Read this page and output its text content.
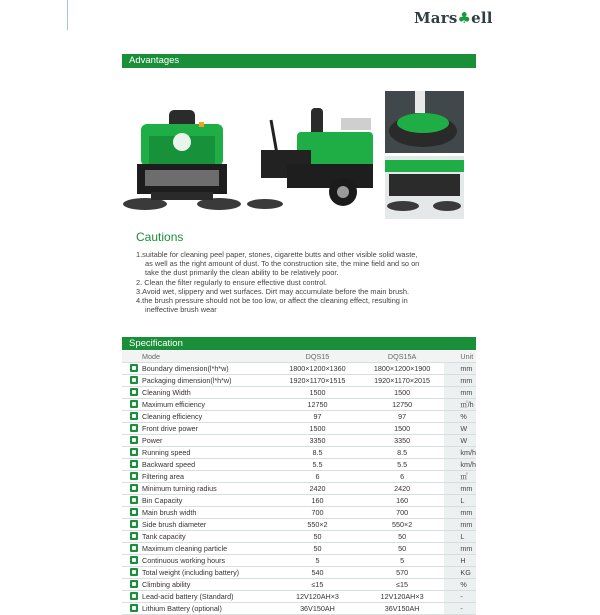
Mars♣ell
Advantages
Cautions
1.suitable for cleaning peel paper, stones, cigarette butts and other visible solid waste,
as well as the right amount of dust. To the construction site, the mine field and so on
take the dust primarily the clean ability to be relatively poor.
2. Clean the filter regularly to ensure effective dust control.
3.Avoid wet, slippery and wet surfaces. Dirt may accumulate before the main brush.
4.the brush pressure should not be too low, or affect the cleaning effect, resulting in
ineffective brush wear
Specification
Mode	DQS15	DQS15A	Unit
Boundary dimension(l*h*w)	1800×1200×1360	1800×1200×1900	mm
Packaging dimension(l*h*w)	1920×1170×1515	1920×1170×2015	mm
Cleaning Width	1500	1500	mm
Maximum efficiency	12750	12750	㎡/h
Cleaning efficiency	97	97	%
Front drive power	1500	1500	W
Power	3350	3350	W
Running speed	8.5	8.5	km/h
Backward speed	5.5	5.5	km/h
Filtering area	6	6	㎡
Minimum turning radius	2420	2420	mm
Bin Capacity	160	160	L
Main brush width	700	700	mm
Side brush diameter	550×2	550×2	mm
Tank capacity	50	50	L
Maximum cleaning particle	50	50	mm
Continuous working hours	5	5	H
Total weight (including battery)	540	570	KG
Climbing ability	≤15	≤15	%
Lead-acid battery (Standard)	12V120AH×3	12V120AH×3	-
Lithium Battery (optional)	36V150AH	36V150AH	-
